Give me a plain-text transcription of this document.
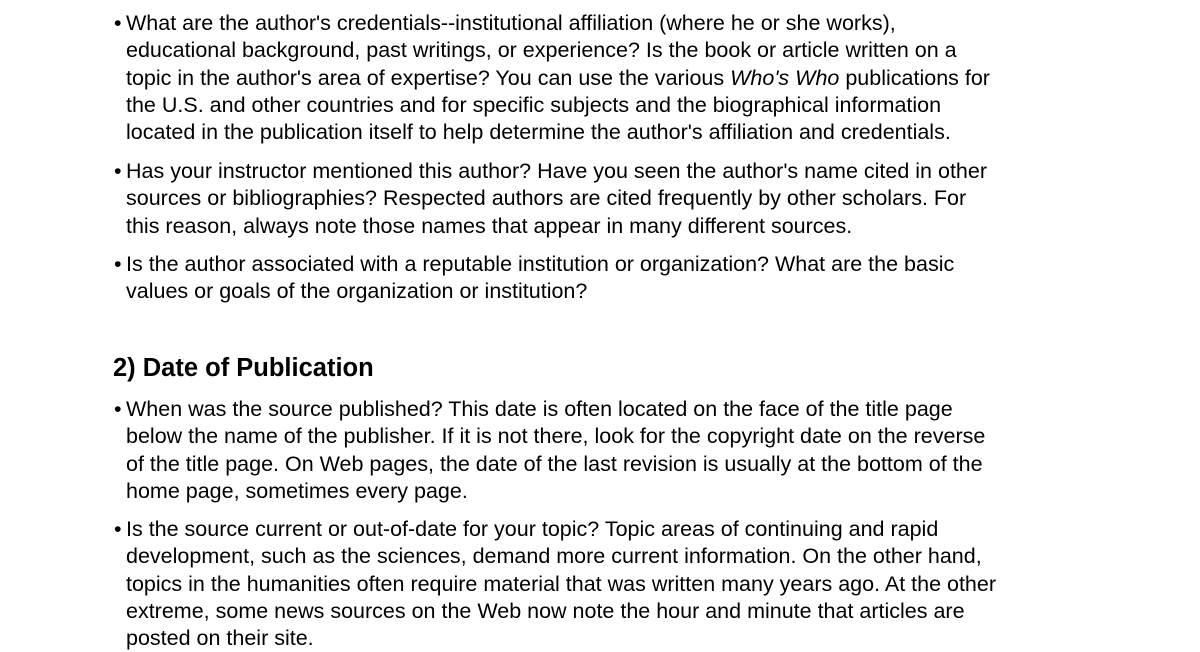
• What are the author's credentials--institutional affiliation (where he or she works),
educational background, past writings, or experience? Is the book or article written on a
topic in the author's area of expertise? You can use the various Who's Who publications for
the U.S. and other countries and for specific subjects and the biographical information
located in the publication itself to help determine the author's affiliation and credentials.
• Has your instructor mentioned this author? Have you seen the author's name cited in other
sources or bibliographies? Respected authors are cited frequently by other scholars. For
this reason, always note those names that appear in many different sources.
• Is the author associated with a reputable institution or organization? What are the basic
values or goals of the organization or institution?
2) Date of Publication
• When was the source published? This date is often located on the face of the title page
below the name of the publisher. If it is not there, look for the copyright date on the reverse
of the title page. On Web pages, the date of the last revision is usually at the bottom of the
home page, sometimes every page.
• Is the source current or out-of-date for your topic? Topic areas of continuing and rapid
development, such as the sciences, demand more current information. On the other hand,
topics in the humanities often require material that was written many years ago. At the other
extreme, some news sources on the Web now note the hour and minute that articles are
posted on their site.
